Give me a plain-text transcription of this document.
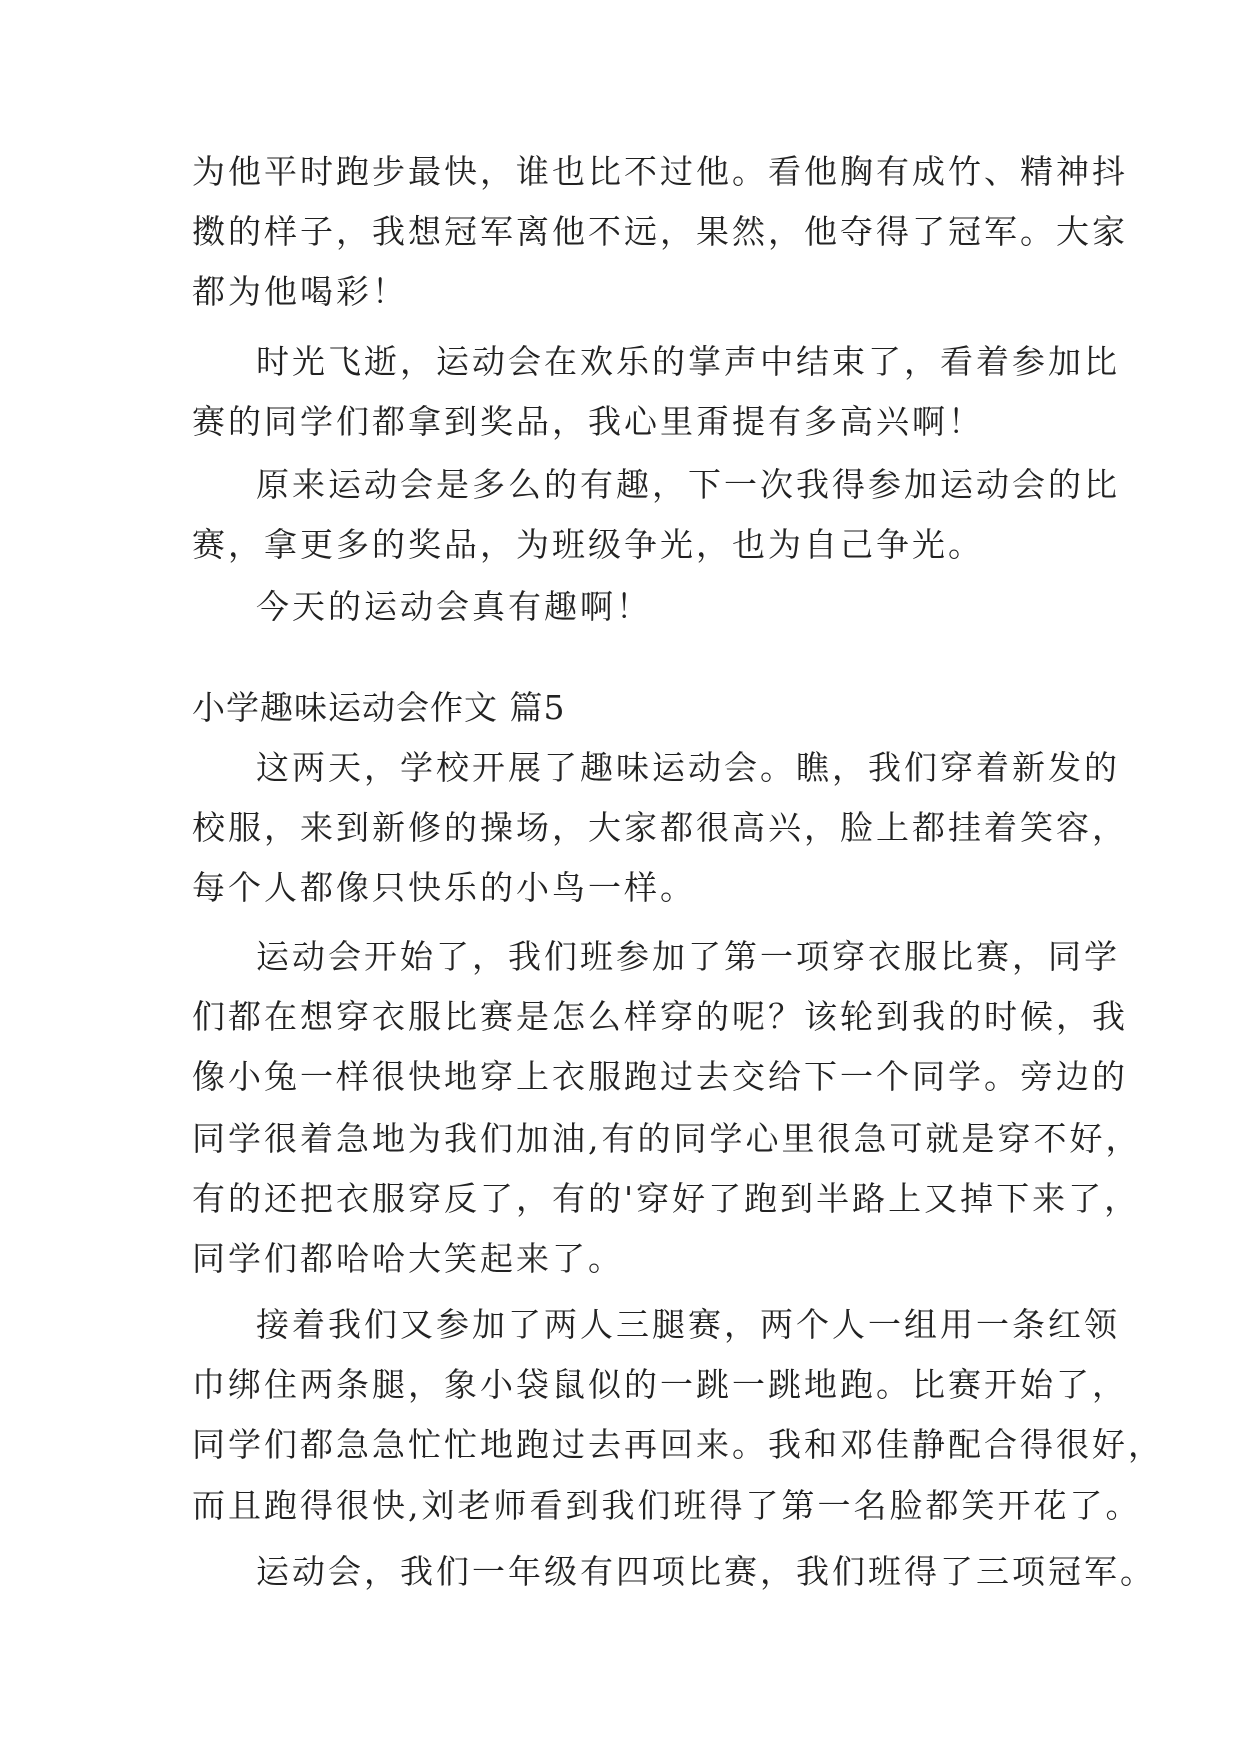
为他平时跑步最快，谁也比不过他。看他胸有成竹、精神抖
擞的样子，我想冠军离他不远，果然，他夺得了冠军。大家
都为他喝彩！
时光飞逝，运动会在欢乐的掌声中结束了，看着参加比
赛的同学们都拿到奖品，我心里甭提有多高兴啊！
原来运动会是多么的有趣，下一次我得参加运动会的比
赛，拿更多的奖品，为班级争光，也为自己争光。
今天的运动会真有趣啊！
小学趣味运动会作文 篇5
这两天，学校开展了趣味运动会。瞧，我们穿着新发的
校服，来到新修的操场，大家都很高兴，脸上都挂着笑容，
每个人都像只快乐的小鸟一样。
运动会开始了，我们班参加了第一项穿衣服比赛，同学
们都在想穿衣服比赛是怎么样穿的呢？该轮到我的时候，我
像小兔一样很快地穿上衣服跑过去交给下一个同学。旁边的
同学很着急地为我们加油,有的同学心里很急可就是穿不好，
有的还把衣服穿反了，有的'穿好了跑到半路上又掉下来了，
同学们都哈哈大笑起来了。
接着我们又参加了两人三腿赛，两个人一组用一条红领
巾绑住两条腿，象小袋鼠似的一跳一跳地跑。比赛开始了，
同学们都急急忙忙地跑过去再回来。我和邓佳静配合得很好，
而且跑得很快,刘老师看到我们班得了第一名脸都笑开花了。
运动会，我们一年级有四项比赛，我们班得了三项冠军。
